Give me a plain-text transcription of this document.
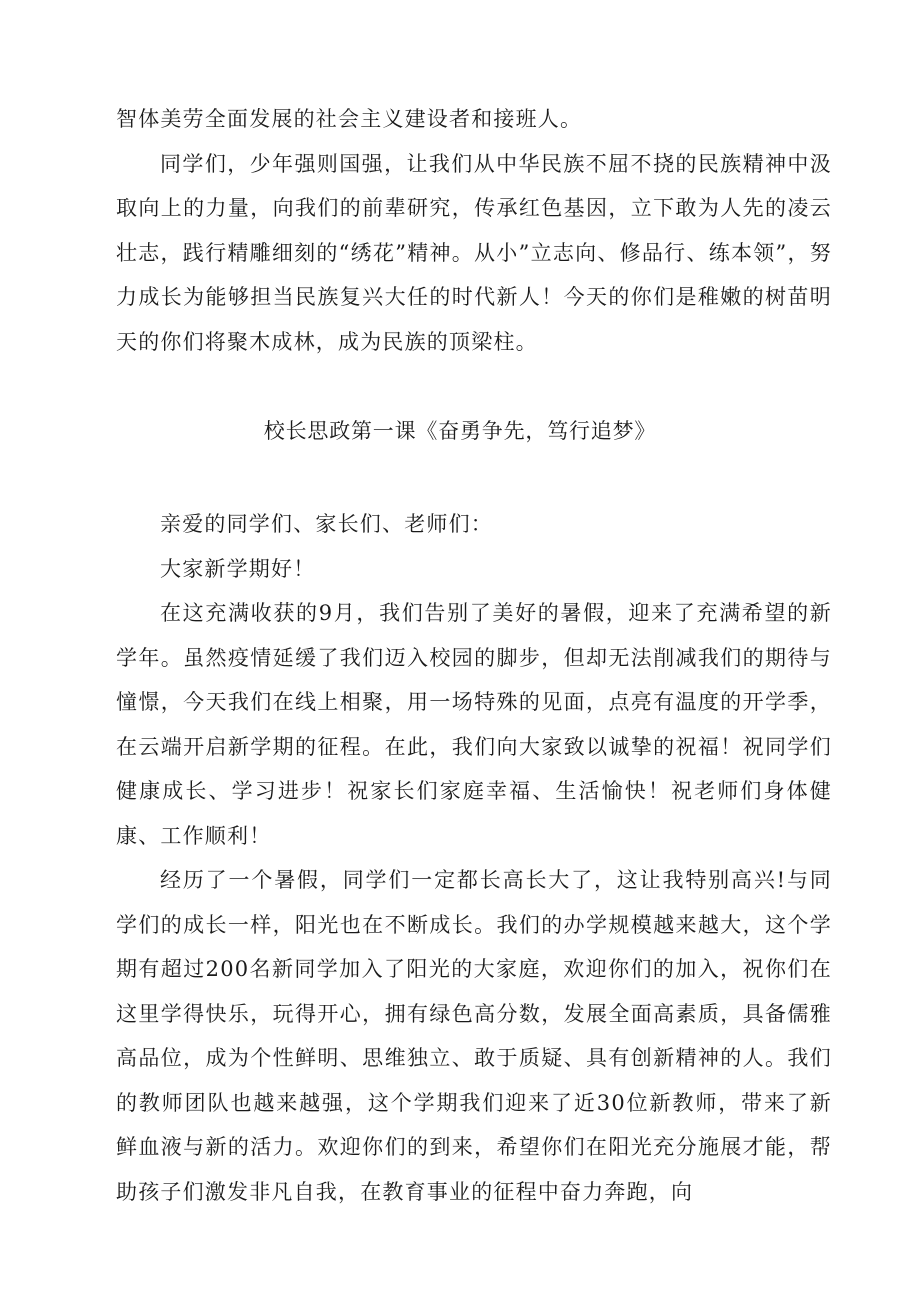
智体美劳全面发展的社会主义建设者和接班人。

同学们，少年强则国强，让我们从中华民族不屈不挠的民族精神中汲取向上的力量，向我们的前辈研究，传承红色基因，立下敢为人先的凌云壮志，践行精雕细刻的“绣花”精神。从小”立志向、修品行、练本领”，努力成长为能够担当民族复兴大任的时代新人！今天的你们是稚嫩的树苗明天的你们将聚木成林，成为民族的顶梁柱。

校长思政第一课《奋勇争先，笃行追梦》

亲爱的同学们、家长们、老师们：

大家新学期好！

在这充满收获的9月，我们告别了美好的暑假，迎来了充满希望的新学年。虽然疫情延缓了我们迈入校园的脚步，但却无法削减我们的期待与憧憬，今天我们在线上相聚，用一场特殊的见面，点亮有温度的开学季，在云端开启新学期的征程。在此，我们向大家致以诚挚的祝福！祝同学们健康成长、学习进步！祝家长们家庭幸福、生活愉快！祝老师们身体健康、工作顺利！

经历了一个暑假，同学们一定都长高长大了，这让我特别高兴!与同学们的成长一样，阳光也在不断成长。我们的办学规模越来越大，这个学期有超过200名新同学加入了阳光的大家庭，欢迎你们的加入，祝你们在这里学得快乐，玩得开心，拥有绿色高分数，发展全面高素质，具备儒雅高品位，成为个性鲜明、思维独立、敢于质疑、具有创新精神的人。我们的教师团队也越来越强，这个学期我们迎来了近30位新教师，带来了新鲜血液与新的活力。欢迎你们的到来，希望你们在阳光充分施展才能，帮助孩子们激发非凡自我，在教育事业的征程中奋力奔跑，向
